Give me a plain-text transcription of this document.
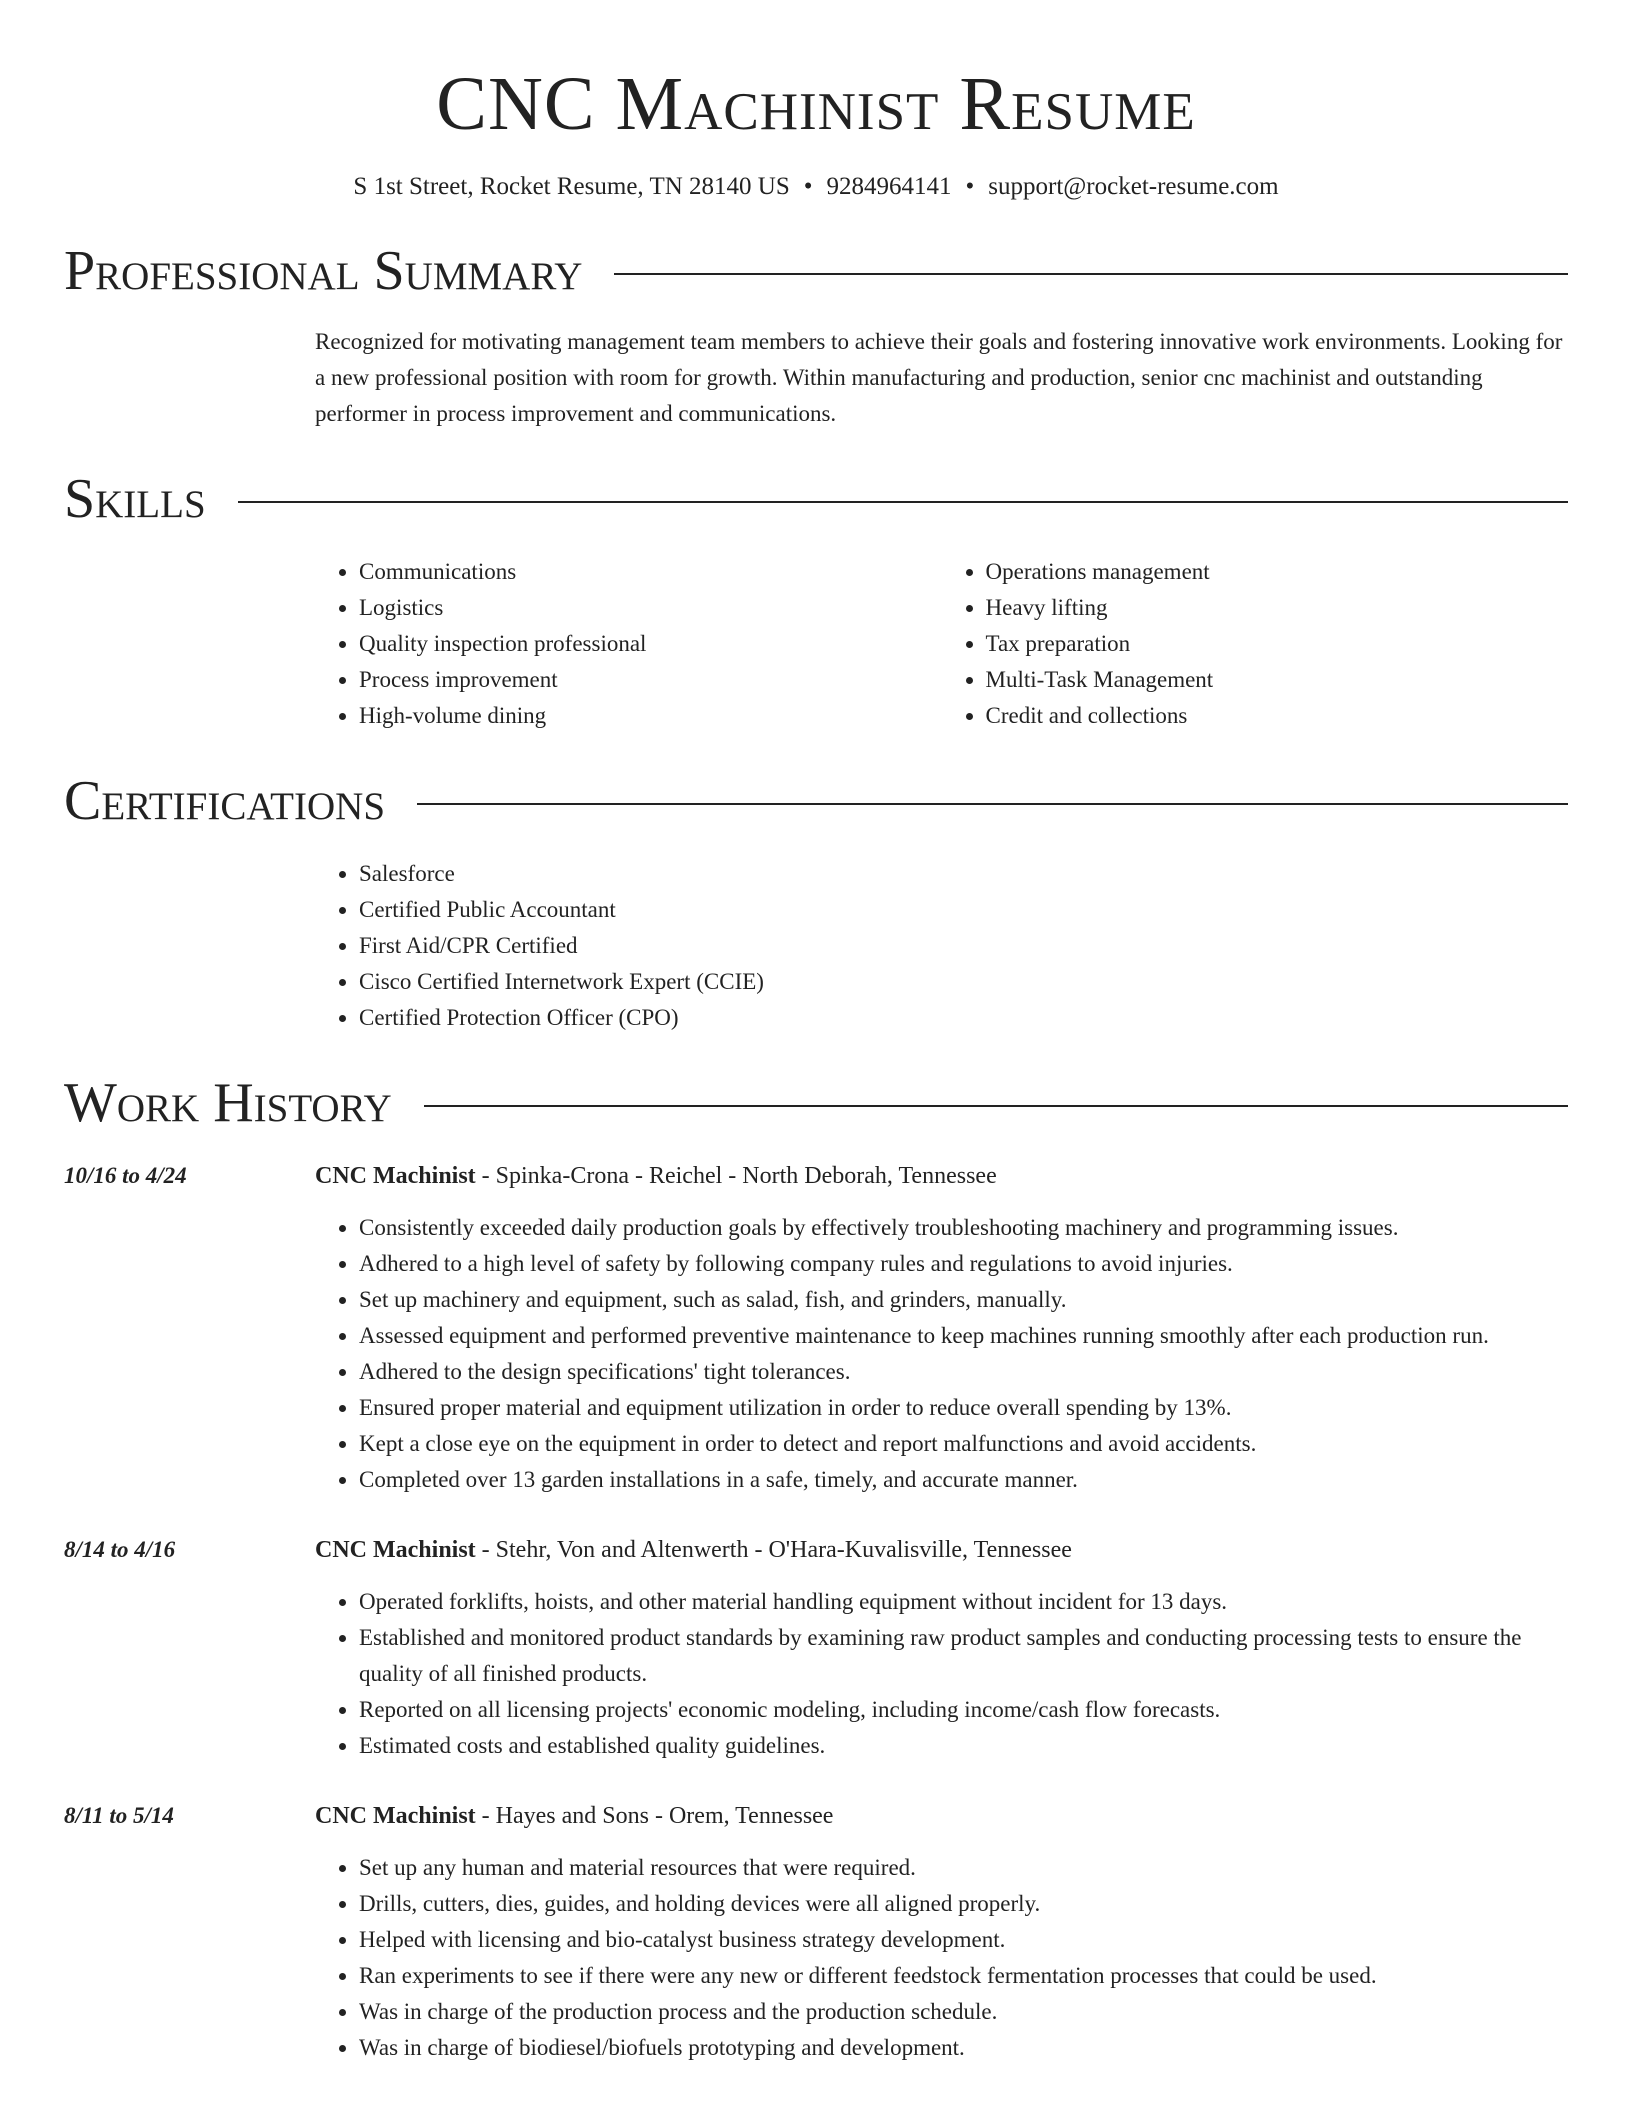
CNC Machinist Resume
S 1st Street, Rocket Resume, TN 28140 US • 9284964141 • support@rocket-resume.com
Professional Summary

Recognized for motivating management team members to achieve their goals and fostering innovative work environments. Looking for a new professional position with room for growth. Within manufacturing and production, senior cnc machinist and outstanding performer in process improvement and communications.

Skills
• Communications
• Logistics
• Quality inspection professional
• Process improvement
• High-volume dining
• Operations management
• Heavy lifting
• Tax preparation
• Multi-Task Management
• Credit and collections
Certifications
• Salesforce
• Certified Public Accountant
• First Aid/CPR Certified
• Cisco Certified Internetwork Expert (CCIE)
• Certified Protection Officer (CPO)
Work History
10/16 to 4/24	CNC Machinist - Spinka-Crona - Reichel - North Deborah, Tennessee

• Consistently exceeded daily production goals by effectively troubleshooting machinery and programming issues.
• Adhered to a high level of safety by following company rules and regulations to avoid injuries.
• Set up machinery and equipment, such as salad, fish, and grinders, manually.
• Assessed equipment and performed preventive maintenance to keep machines running smoothly after each production run.
• Adhered to the design specifications' tight tolerances.
• Ensured proper material and equipment utilization in order to reduce overall spending by 13%.
• Kept a close eye on the equipment in order to detect and report malfunctions and avoid accidents.
• Completed over 13 garden installations in a safe, timely, and accurate manner.
8/14 to 4/16	CNC Machinist - Stehr, Von and Altenwerth - O'Hara-Kuvalisville, Tennessee

• Operated forklifts, hoists, and other material handling equipment without incident for 13 days.
• Established and monitored product standards by examining raw product samples and conducting processing tests to ensure the quality of all finished products.
• Reported on all licensing projects' economic modeling, including income/cash flow forecasts.
• Estimated costs and established quality guidelines.
8/11 to 5/14	CNC Machinist - Hayes and Sons - Orem, Tennessee

• Set up any human and material resources that were required.
• Drills, cutters, dies, guides, and holding devices were all aligned properly.
• Helped with licensing and bio-catalyst business strategy development.
• Ran experiments to see if there were any new or different feedstock fermentation processes that could be used.
• Was in charge of the production process and the production schedule.
• Was in charge of biodiesel/biofuels prototyping and development.
